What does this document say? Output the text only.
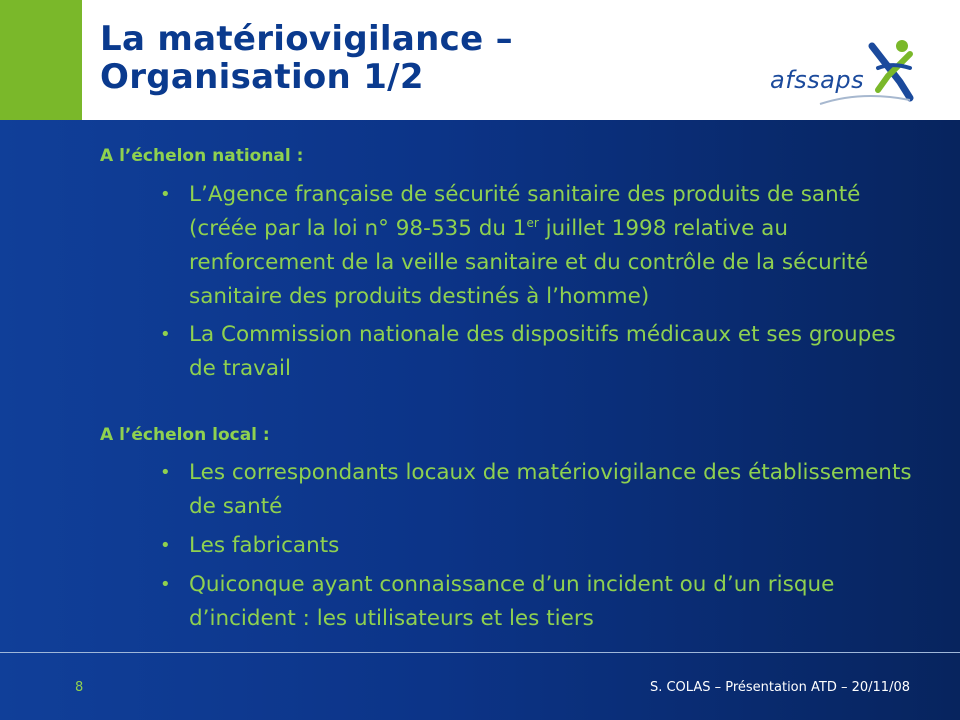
La matériovigilance –
Organisation 1/2	afssaps
A l’échelon national :
• L’Agence française de sécurité sanitaire des produits de santé (créée par la loi n° 98-535 du 1er juillet 1998 relative au renforcement de la veille sanitaire et du contrôle de la sécurité sanitaire des produits destinés à l’homme)
• La Commission nationale des dispositifs médicaux et ses groupes de travail
A l’échelon local :
• Les correspondants locaux de matériovigilance des établissements de santé
• Les fabricants
• Quiconque ayant connaissance d’un incident ou d’un risque d’incident : les utilisateurs et les tiers
8	S. COLAS – Présentation ATD – 20/11/08
